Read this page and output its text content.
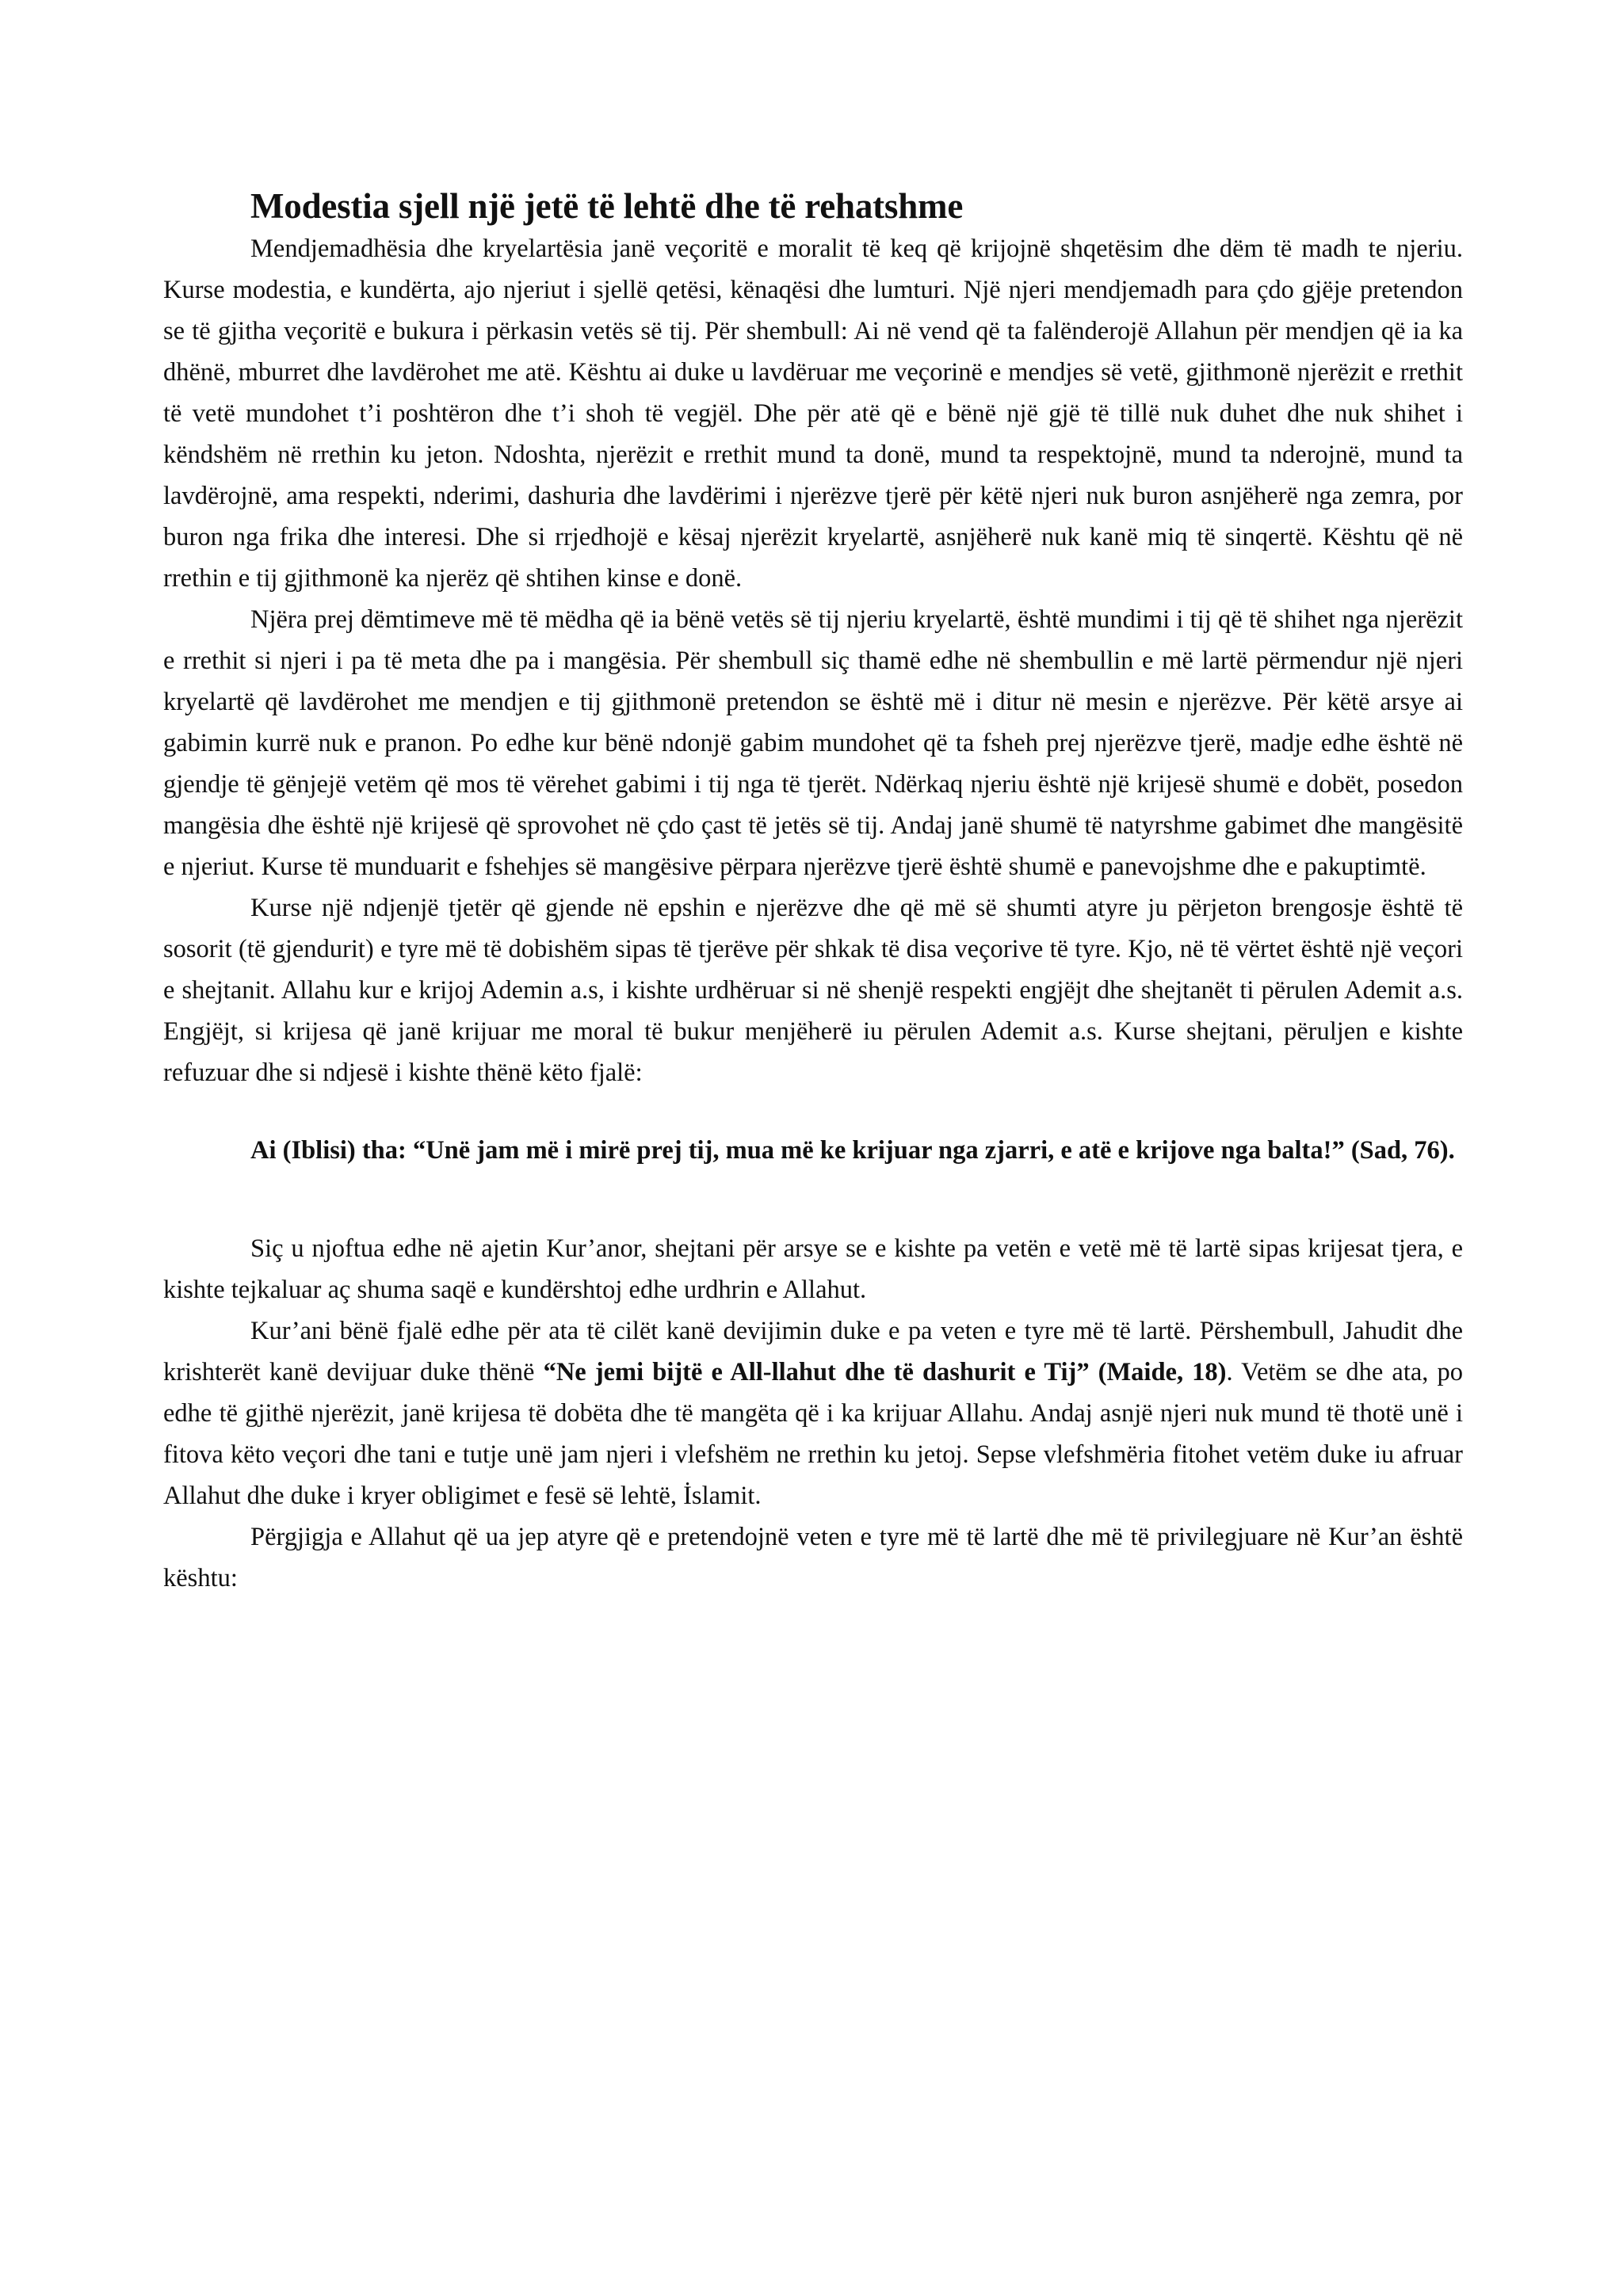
Modestia sjell një jetë të lehtë dhe të rehatshme

Mendjemadhësia dhe kryelartësia janë veçoritë e moralit të keq që krijojnë shqetësim dhe dëm të madh te njeriu. Kurse modestia, e kundërta, ajo njeriut i sjellë qetësi, kënaqësi dhe lumturi. Një njeri mendjemadh para çdo gjëje pretendon se të gjitha veçoritë e bukura i përkasin vetës së tij. Për shembull: Ai në vend që ta falënderojë Allahun për mendjen që ia ka dhënë, mburret dhe lavdërohet me atë. Kështu ai duke u lavdëruar me veçorinë e mendjes së vetë, gjithmonë njerëzit e rrethit të vetë mundohet t’i poshtëron dhe t’i shoh të vegjël. Dhe për atë që e bënë një gjë të tillë nuk duhet dhe nuk shihet i këndshëm në rrethin ku jeton. Ndoshta, njerëzit e rrethit mund ta donë, mund ta respektojnë, mund ta nderojnë, mund ta lavdërojnë, ama respekti, nderimi, dashuria dhe lavdërimi i njerëzve tjerë për këtë njeri nuk buron asnjëherë nga zemra, por buron nga frika dhe interesi. Dhe si rrjedhojë e kësaj njerëzit kryelartë, asnjëherë nuk kanë miq të sinqertë. Kështu që në rrethin e tij gjithmonë ka njerëz që shtihen kinse e donë.

Njëra prej dëmtimeve më të mëdha që ia bënë vetës së tij njeriu kryelartë, është mundimi i tij që të shihet nga njerëzit e rrethit si njeri i pa të meta dhe pa i mangësia. Për shembull siç thamë edhe në shembullin e më lartë përmendur një njeri kryelartë që lavdërohet me mendjen e tij gjithmonë pretendon se është më i ditur në mesin e njerëzve. Për këtë arsye ai gabimin kurrë nuk e pranon. Po edhe kur bënë ndonjë gabim mundohet që ta fsheh prej njerëzve tjerë, madje edhe është në gjendje të gënjejë vetëm që mos të vërehet gabimi i tij nga të tjerët. Ndërkaq njeriu është një krijesë shumë e dobët, posedon mangësia dhe është një krijesë që sprovohet në çdo çast të jetës së tij. Andaj janë shumë të natyrshme gabimet dhe mangësitë e njeriut. Kurse të munduarit e fshehjes së mangësive përpara njerëzve tjerë është shumë e panevojshme dhe e pakuptimtë.

Kurse një ndjenjë tjetër që gjende në epshin e njerëzve dhe që më së shumti atyre ju përjeton brengosje është të sosorit (të gjendurit) e tyre më të dobishëm sipas të tjerëve për shkak të disa veçorive të tyre. Kjo, në të vërtet është një veçori e shejtanit. Allahu kur e krijoj Ademin a.s, i kishte urdhëruar si në shenjë respekti engjëjt dhe shejtanët ti përulen Ademit a.s. Engjëjt, si krijesa që janë krijuar me moral të bukur menjëherë iu përulen Ademit a.s. Kurse shejtani, përuljen e kishte refuzuar dhe si ndjesë i kishte thënë këto fjalë:

Ai (Iblisi) tha: “Unë jam më i mirë prej tij, mua më ke krijuar nga zjarri, e atë e krijove nga balta!” (Sad, 76).

Siç u njoftua edhe në ajetin Kur’anor, shejtani për arsye se e kishte pa vetën e vetë më të lartë sipas krijesat tjera, e kishte tejkaluar aç shuma saqë e kundërshtoj edhe urdhrin e Allahut.

Kur’ani bënë fjalë edhe për ata të cilët kanë devijimin duke e pa veten e tyre më të lartë. Përshembull, Jahudit dhe krishterët kanë devijuar duke thënë “Ne jemi bijtë e All-llahut dhe të dashurit e Tij” (Maide, 18). Vetëm se dhe ata, po edhe të gjithë njerëzit, janë krijesa të dobëta dhe të mangëta që i ka krijuar Allahu. Andaj asnjë njeri nuk mund të thotë unë i fitova këto veçori dhe tani e tutje unë jam njeri i vlefshëm ne rrethin ku jetoj. Sepse vlefshmëria fitohet vetëm duke iu afruar Allahut dhe duke i kryer obligimet e fesë së lehtë, İslamit.

Përgjigja e Allahut që ua jep atyre që e pretendojnë veten e tyre më të lartë dhe më të privilegjuare në Kur’an është kështu:
